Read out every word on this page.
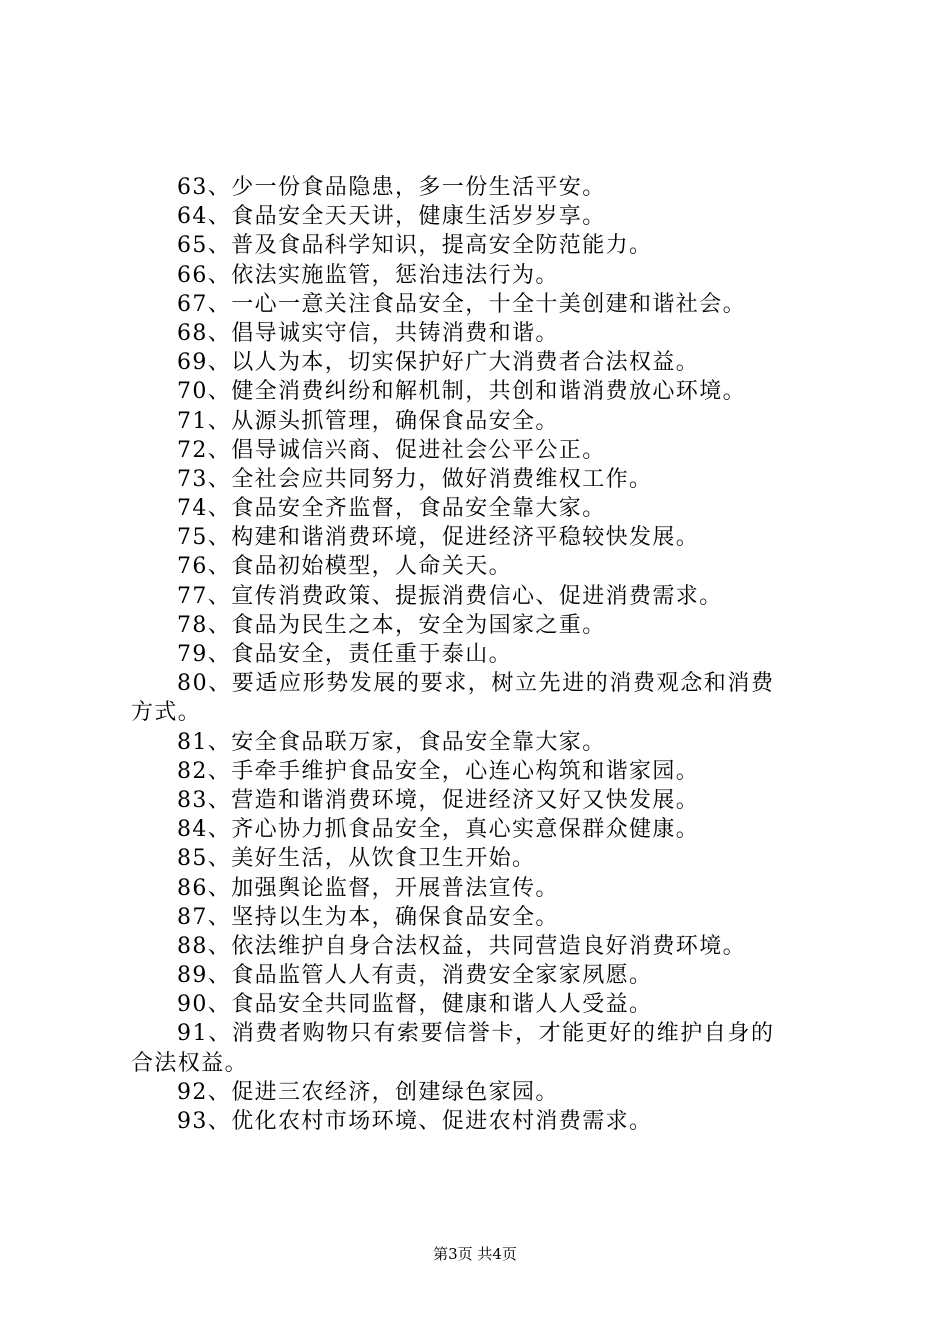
63、少一份食品隐患，多一份生活平安。
64、食品安全天天讲，健康生活岁岁享。
65、普及食品科学知识，提高安全防范能力。
66、依法实施监管，惩治违法行为。
67、一心一意关注食品安全，十全十美创建和谐社会。
68、倡导诚实守信，共铸消费和谐。
69、以人为本，切实保护好广大消费者合法权益。
70、健全消费纠纷和解机制，共创和谐消费放心环境。
71、从源头抓管理，确保食品安全。
72、倡导诚信兴商、促进社会公平公正。
73、全社会应共同努力，做好消费维权工作。
74、食品安全齐监督，食品安全靠大家。
75、构建和谐消费环境，促进经济平稳较快发展。
76、食品初始模型，人命关天。
77、宣传消费政策、提振消费信心、促进消费需求。
78、食品为民生之本，安全为国家之重。
79、食品安全，责任重于泰山。
80、要适应形势发展的要求，树立先进的消费观念和消费
方式。
81、安全食品联万家，食品安全靠大家。
82、手牵手维护食品安全，心连心构筑和谐家园。
83、营造和谐消费环境，促进经济又好又快发展。
84、齐心协力抓食品安全，真心实意保群众健康。
85、美好生活，从饮食卫生开始。
86、加强舆论监督，开展普法宣传。
87、坚持以生为本，确保食品安全。
88、依法维护自身合法权益，共同营造良好消费环境。
89、食品监管人人有责，消费安全家家夙愿。
90、食品安全共同监督，健康和谐人人受益。
91、消费者购物只有索要信誉卡，才能更好的维护自身的
合法权益。
92、促进三农经济，创建绿色家园。
93、优化农村市场环境、促进农村消费需求。
第3页 共4页
